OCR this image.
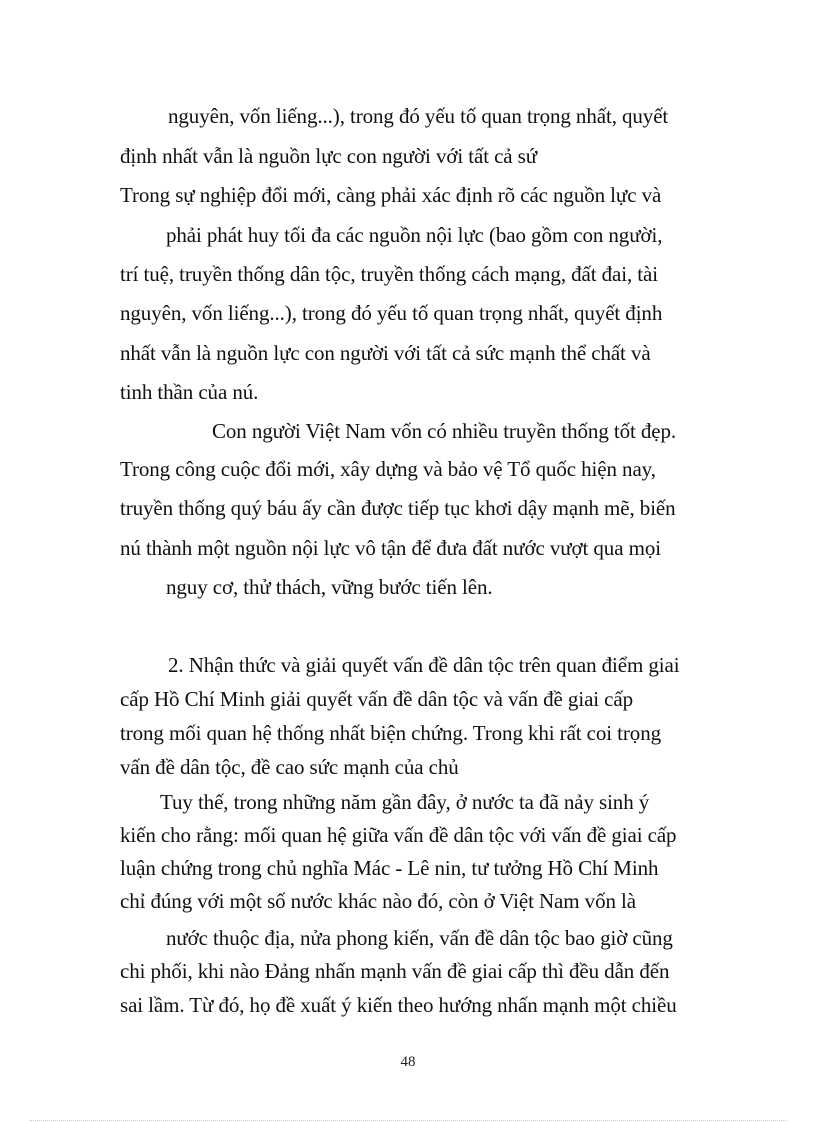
nguyên, vốn liếng...), trong đó yếu tố quan trọng nhất, quyết
định nhất vẫn là nguồn lực con người với tất cả sứ
Trong sự nghiệp đổi mới, càng phải xác định rõ các nguồn lực và
phải phát huy tối đa các nguồn nội lực (bao gồm con người,
trí tuệ, truyền thống dân tộc, truyền thống cách mạng, đất đai, tài
nguyên, vốn liếng...), trong đó yếu tố quan trọng nhất, quyết định
nhất vẫn là nguồn lực con người với tất cả sức mạnh thể chất và
tinh thần của nú.
Con người Việt Nam vốn có nhiều truyền thống tốt đẹp.
Trong công cuộc đổi mới, xây dựng và bảo vệ Tổ quốc hiện nay,
truyền thống quý báu ấy cần được tiếp tục khơi dậy mạnh mẽ, biến
nú thành một nguồn nội lực vô tận để đưa đất nước vượt qua mọi
nguy cơ, thử thách, vững bước tiến lên.
2. Nhận thức và giải quyết vấn đề dân tộc trên quan điểm giai
cấp Hồ Chí Minh giải quyết vấn đề dân tộc và vấn đề giai cấp
trong mối quan hệ thống nhất biện chứng. Trong khi rất coi trọng
vấn đề dân tộc, đề cao sức mạnh của chủ
Tuy thế, trong những năm gần đây, ở nước ta đã nảy sinh ý
kiến cho rằng: mối quan hệ giữa vấn đề dân tộc với vấn đề giai cấp
luận chứng trong chủ nghĩa Mác - Lê nin, tư tưởng Hồ Chí Minh
chỉ đúng với một số nước khác nào đó, còn ở Việt Nam vốn là
nước thuộc địa, nửa phong kiến, vấn đề dân tộc bao giờ cũng
chi phối, khi nào Đảng nhấn mạnh vấn đề giai cấp thì đều dẫn đến
sai lầm. Từ đó, họ đề xuất ý kiến theo hướng nhấn mạnh một chiều
48
